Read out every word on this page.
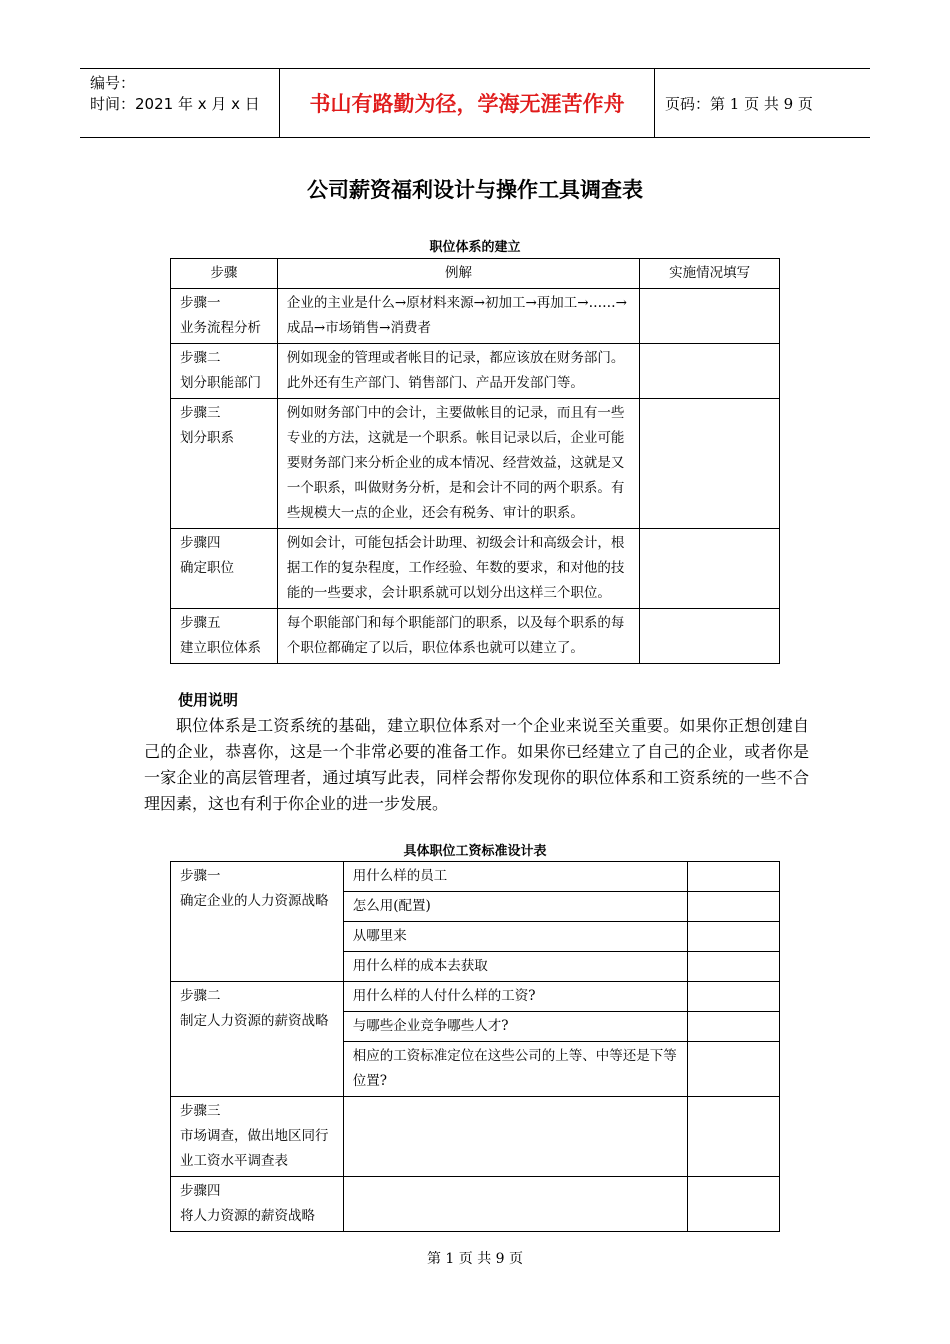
编号：
时间：2021 年 x 月 x 日	书山有路勤为径，学海无涯苦作舟	页码：第 1 页 共 9 页
公司薪资福利设计与操作工具调查表
职位体系的建立
步骤	例解	实施情况填写
步骤一
业务流程分析	企业的主业是什么→原材料来源→初加工→再加工→……→成品→市场销售→消费者	
步骤二
划分职能部门	例如现金的管理或者帐目的记录，都应该放在财务部门。此外还有生产部门、销售部门、产品开发部门等。	
步骤三
划分职系	例如财务部门中的会计，主要做帐目的记录，而且有一些专业的方法，这就是一个职系。帐目记录以后，企业可能要财务部门来分析企业的成本情况、经营效益，这就是又一个职系，叫做财务分析，是和会计不同的两个职系。有些规模大一点的企业，还会有税务、审计的职系。	
步骤四
确定职位	例如会计，可能包括会计助理、初级会计和高级会计，根据工作的复杂程度，工作经验、年数的要求，和对他的技能的一些要求，会计职系就可以划分出这样三个职位。	
步骤五
建立职位体系	每个职能部门和每个职能部门的职系，以及每个职系的每个职位都确定了以后，职位体系也就可以建立了。	
使用说明
职位体系是工资系统的基础，建立职位体系对一个企业来说至关重要。如果你正想创建自己的企业，恭喜你，这是一个非常必要的准备工作。如果你已经建立了自己的企业，或者你是一家企业的高层管理者，通过填写此表，同样会帮你发现你的职位体系和工资系统的一些不合理因素，这也有利于你企业的进一步发展。
具体职位工资标准设计表
步骤一
确定企业的人力资源战略	用什么样的员工	
	怎么用(配置)	
	从哪里来	
	用什么样的成本去获取	
步骤二
制定人力资源的薪资战略	用什么样的人付什么样的工资?	
	与哪些企业竞争哪些人才?	
	相应的工资标准定位在这些公司的上等、中等还是下等位置?	
步骤三
市场调查，做出地区同行业工资水平调查表		
步骤四
将人力资源的薪资战略		
第 1 页 共 9 页
